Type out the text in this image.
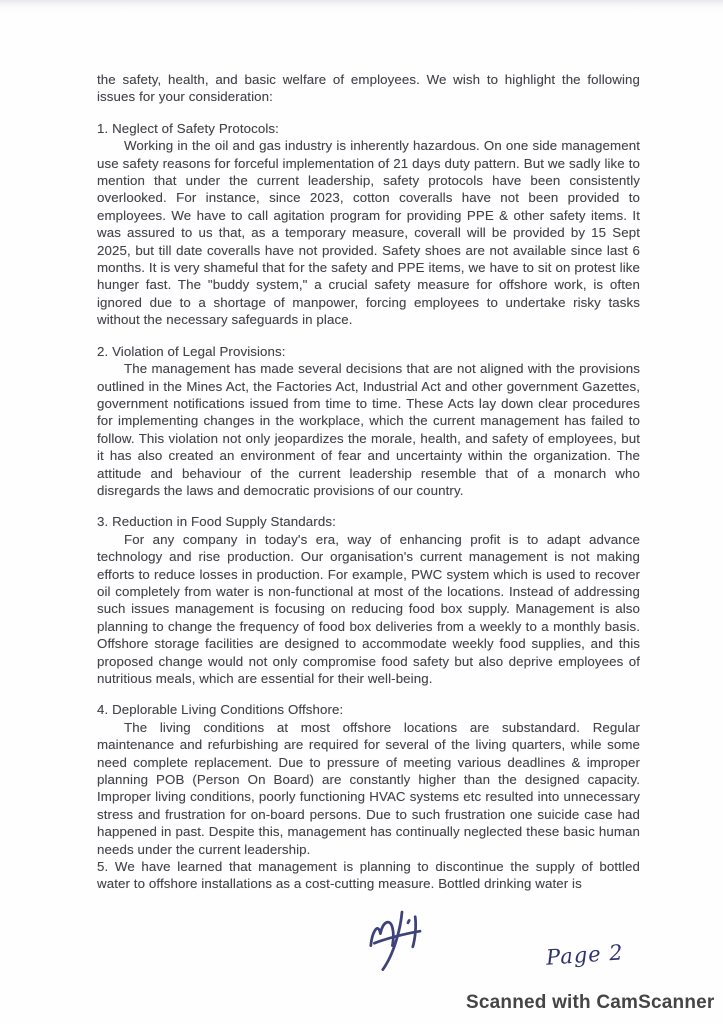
the safety, health, and basic welfare of employees. We wish to highlight the following issues for your consideration:

1. Neglect of Safety Protocols:

Working in the oil and gas industry is inherently hazardous. On one side management use safety reasons for forceful implementation of 21 days duty pattern. But we sadly like to mention that under the current leadership, safety protocols have been consistently overlooked. For instance, since 2023, cotton coveralls have not been provided to employees. We have to call agitation program for providing PPE & other safety items. It was assured to us that, as a temporary measure, coverall will be provided by 15 Sept 2025, but till date coveralls have not provided. Safety shoes are not available since last 6 months. It is very shameful that for the safety and PPE items, we have to sit on protest like hunger fast. The "buddy system," a crucial safety measure for offshore work, is often ignored due to a shortage of manpower, forcing employees to undertake risky tasks without the necessary safeguards in place.

2. Violation of Legal Provisions:

The management has made several decisions that are not aligned with the provisions outlined in the Mines Act, the Factories Act, Industrial Act and other government Gazettes, government notifications issued from time to time. These Acts lay down clear procedures for implementing changes in the workplace, which the current management has failed to follow. This violation not only jeopardizes the morale, health, and safety of employees, but it has also created an environment of fear and uncertainty within the organization. The attitude and behaviour of the current leadership resemble that of a monarch who disregards the laws and democratic provisions of our country.

3. Reduction in Food Supply Standards:

For any company in today's era, way of enhancing profit is to adapt advance technology and rise production. Our organisation's current management is not making efforts to reduce losses in production. For example, PWC system which is used to recover oil completely from water is non-functional at most of the locations. Instead of addressing such issues management is focusing on reducing food box supply. Management is also planning to change the frequency of food box deliveries from a weekly to a monthly basis. Offshore storage facilities are designed to accommodate weekly food supplies, and this proposed change would not only compromise food safety but also deprive employees of nutritious meals, which are essential for their well-being.

4. Deplorable Living Conditions Offshore:

The living conditions at most offshore locations are substandard. Regular maintenance and refurbishing are required for several of the living quarters, while some need complete replacement. Due to pressure of meeting various deadlines & improper planning POB (Person On Board) are constantly higher than the designed capacity. Improper living conditions, poorly functioning HVAC systems etc resulted into unnecessary stress and frustration for on-board persons. Due to such frustration one suicide case had happened in past. Despite this, management has continually neglected these basic human needs under the current leadership.

5. We have learned that management is planning to discontinue the supply of bottled water to offshore installations as a cost-cutting measure. Bottled drinking water is

Page 2
Scanned with CamScanner
